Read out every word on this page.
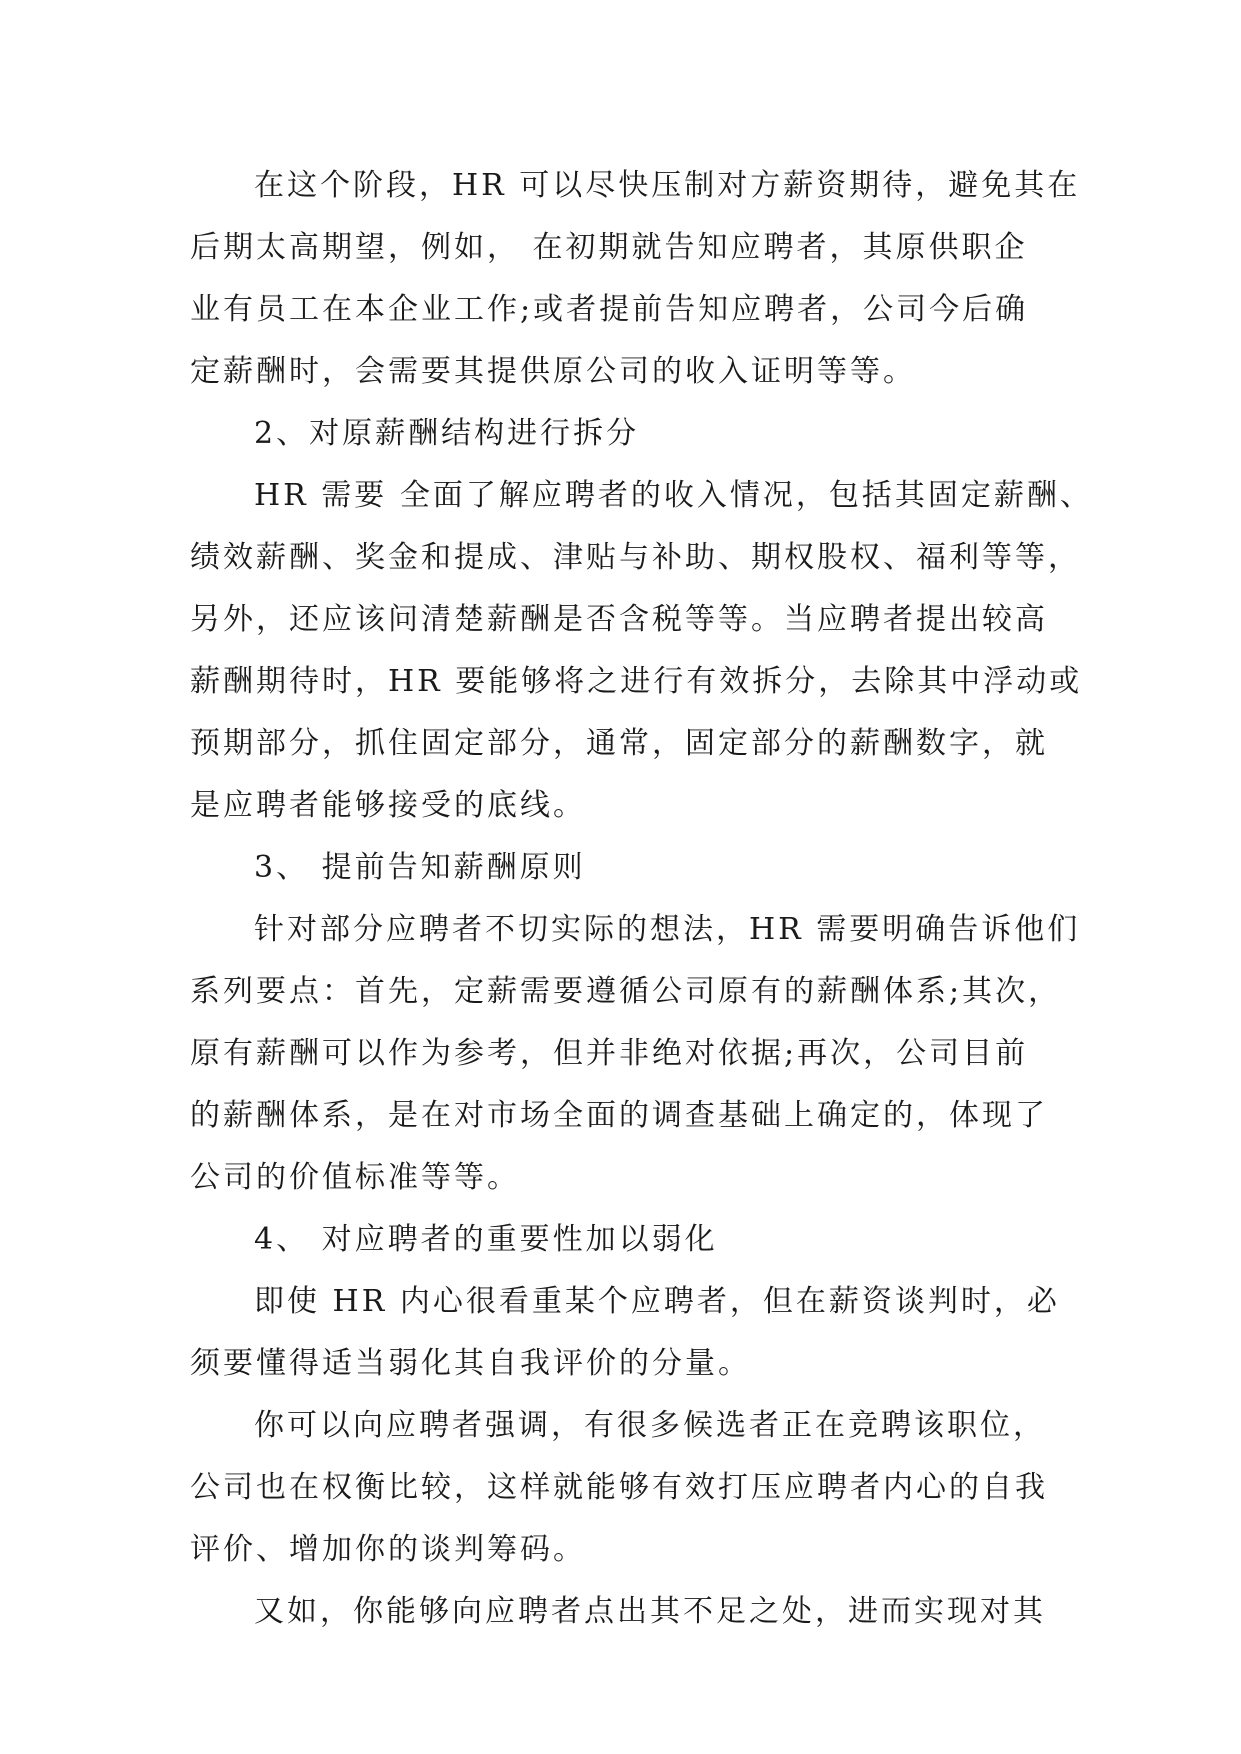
在这个阶段，HR 可以尽快压制对方薪资期待，避免其在
后期太高期望，例如， 在初期就告知应聘者，其原供职企
业有员工在本企业工作;或者提前告知应聘者，公司今后确
定薪酬时，会需要其提供原公司的收入证明等等。
2、对原薪酬结构进行拆分
HR 需要 全面了解应聘者的收入情况，包括其固定薪酬、
绩效薪酬、奖金和提成、津贴与补助、期权股权、福利等等，
另外，还应该问清楚薪酬是否含税等等。当应聘者提出较高
薪酬期待时，HR 要能够将之进行有效拆分，去除其中浮动或
预期部分，抓住固定部分，通常，固定部分的薪酬数字，就
是应聘者能够接受的底线。
3、 提前告知薪酬原则
针对部分应聘者不切实际的想法，HR 需要明确告诉他们
系列要点：首先，定薪需要遵循公司原有的薪酬体系;其次，
原有薪酬可以作为参考，但并非绝对依据;再次，公司目前
的薪酬体系，是在对市场全面的调查基础上确定的，体现了
公司的价值标准等等。
4、 对应聘者的重要性加以弱化
即使 HR 内心很看重某个应聘者，但在薪资谈判时，必
须要懂得适当弱化其自我评价的分量。
你可以向应聘者强调，有很多候选者正在竞聘该职位，
公司也在权衡比较，这样就能够有效打压应聘者内心的自我
评价、增加你的谈判筹码。
又如，你能够向应聘者点出其不足之处，进而实现对其
